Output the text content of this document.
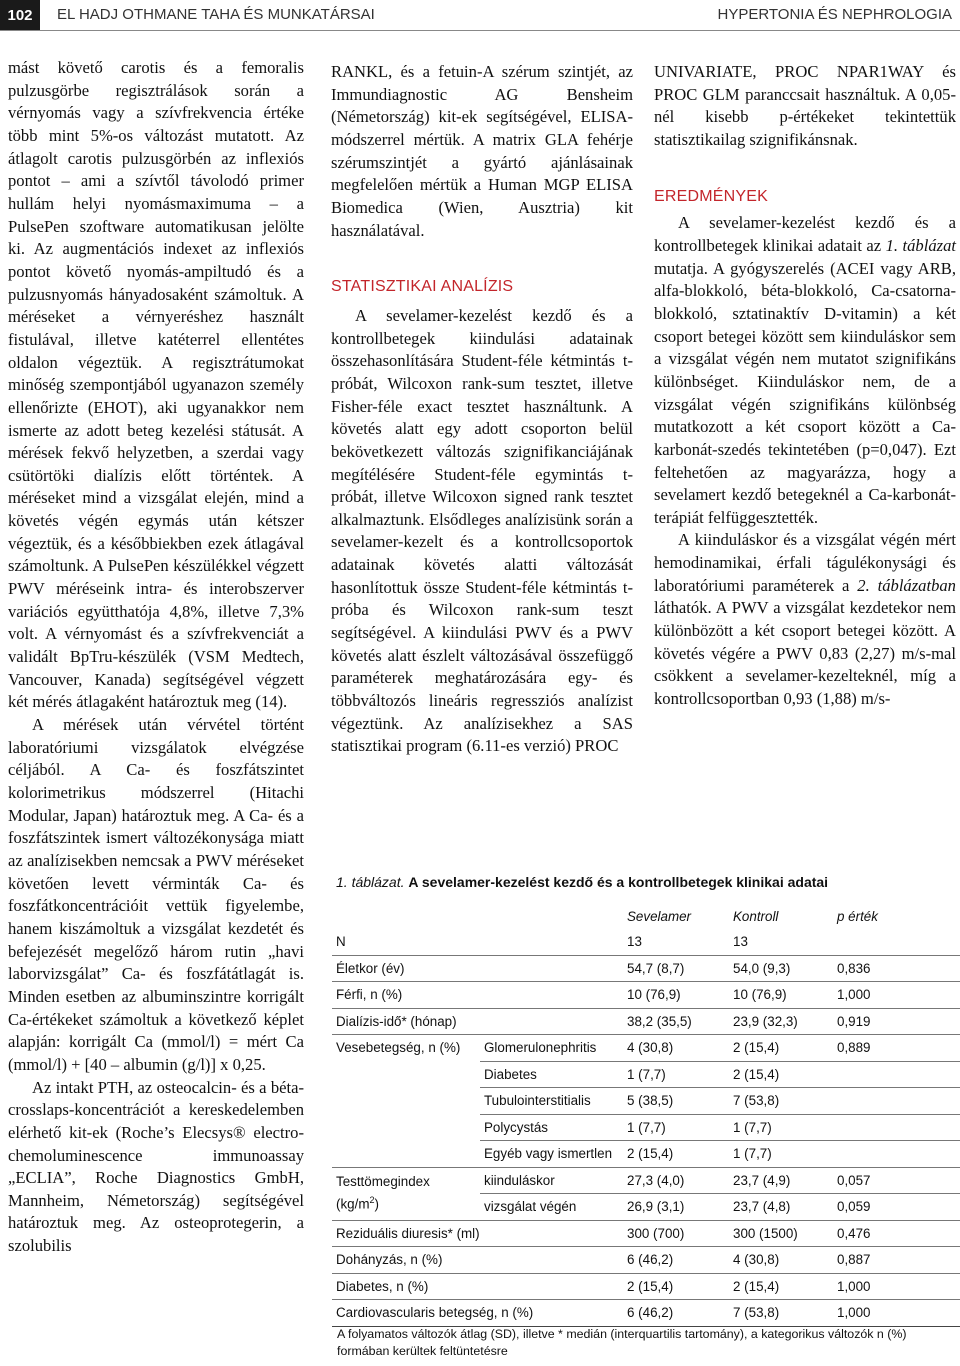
102	EL HADJ OTHMANE TAHA ÉS MUNKATÁRSAI	HYPERTONIA ÉS NEPHROLOGIA

mást követő carotis és a femoralis pulzusgörbe regisztrálások során a vérnyomás vagy a szívfrekvencia értéke több mint 5%-os változást mutatott. Az átlagolt carotis pulzusgörbén az inflexiós pontot – ami a szívtől távolodó primer hullám helyi nyomásmaximuma – a PulsePen szoftware automatikusan jelölte ki. Az augmentációs indexet az inflexiós pontot követő nyomás-ampiltudó és a pulzusnyomás hányadosaként számoltuk. A méréseket a vérnyeréshez használt fistulával, illetve katéterrel ellentétes oldalon végeztük. A regisztrátumokat minőség szempontjából ugyanazon személy ellenőrizte (EHOT), aki ugyanakkor nem ismerte az adott beteg kezelési státusát. A mérések fekvő helyzetben, a szerdai vagy csütörtöki dialízis előtt történtek. A méréseket mind a vizsgálat elején, mind a követés végén egymás után kétszer végeztük, és a későbbiekben ezek átlagával számoltunk. A PulsePen készülékkel végzett PWV méréseink intra- és interobszerver variációs együtthatója 4,8%, illetve 7,3% volt. A vérnyomást és a szívfrekvenciát a validált BpTru-készülék (VSM Medtech, Vancouver, Kanada) segítségével végzett két mérés átlagaként határoztuk meg (14).

A mérések után vérvétel történt laboratóriumi vizsgálatok elvégzése céljából. A Ca- és foszfátszintet kolorimetrikus módszerrel (Hitachi Modular, Japan) határoztuk meg. A Ca- és a foszfátszintek ismert változékonysága miatt az analízisekben nemcsak a PWV méréseket követően levett vérminták Ca- és foszfátkoncentrációit vettük figyelembe, hanem kiszámoltuk a vizsgálat kezdetét és befejezését megelőző három rutin „havi laborvizsgálat” Ca- és foszfátátlagát is. Minden esetben az albuminszintre korrigált Ca-értékeket számoltuk a következő képlet alapján: korrigált Ca (mmol/l) = mért Ca (mmol/l) + [40 – albumin (g/l)] x 0,25.

Az intakt PTH, az osteocalcin- és a béta-crosslaps-koncentrációt a kereskedelemben elérhető kit-ek (Roche’s Elecsys® electro-chemoluminescence immunoassay „ECLIA”, Roche Diagnostics GmbH, Mannheim, Németország) segítségével határoztuk meg. Az osteoprotegerin, a szolubilis

RANKL, és a fetuin-A szérum szintjét, az Immundiagnostic AG Bensheim (Németország) kit-ek segítségével, ELISA-módszerrel mértük. A matrix GLA fehérje szérumszintjét a gyártó ajánlásainak megfelelően mértük a Human MGP ELISA Biomedica (Wien, Ausztria) kit használatával.

STATISZTIKAI ANALÍZIS

A sevelamer-kezelést kezdő és a kontrollbetegek kiindulási adatainak összehasonlítására Student-féle kétmintás t-próbát, Wilcoxon rank-sum tesztet, illetve Fisher-féle exact tesztet használtunk. A követés alatt egy adott csoporton belül bekövetkezett változás szignifikanciájának megítélésére Student-féle egymintás t-próbát, illetve Wilcoxon signed rank tesztet alkalmaztunk. Elsődleges analízisünk során a sevelamer-kezelt és a kontrollcsoportok adatainak követés alatti változását hasonlítottuk össze Student-féle kétmintás t-próba és Wilcoxon rank-sum teszt segítségével. A kiindulási PWV és a PWV követés alatt észlelt változásával összefüggő paraméterek meghatározására egy- és többváltozós lineáris regressziós analízist végeztünk. Az analízisekhez a SAS statisztikai program (6.11-es verzió) PROC

UNIVARIATE, PROC NPAR1WAY és PROC GLM paranccsait használtuk. A 0,05-nél kisebb p-értékeket tekintettük statisztikailag szignifikánsnak.

EREDMÉNYEK

A sevelamer-kezelést kezdő és a kontrollbetegek klinikai adatait az 1. táblázat mutatja. A gyógyszerelés (ACEI vagy ARB, alfa-blokkoló, béta-blokkoló, Ca-csatorna-blokkoló, sztatinaktív D-vitamin) a két csoport betegei között sem kiinduláskor sem a vizsgálat végén nem mutatot szignifikáns különbséget. Kiinduláskor nem, de a vizsgálat végén szignifikáns különbség mutatkozott a két csoport között a Ca-karbonát-szedés tekintetében (p=0,047). Ezt feltehetően az magyarázza, hogy a sevelamert kezdő betegeknél a Ca-karbonát-terápiát felfüggesztették.

A kiinduláskor és a vizsgálat végén mért hemodinamikai, érfali tágulékonysági és laboratóriumi paraméterek a 2. táblázatban láthatók. A PWV a vizsgálat kezdetekor nem különbözött a két csoport betegei között. A követés végére a PWV 0,83 (2,27) m/s-mal csökkent a sevelamer-kezelteknél, míg a kontrollcsoportban 0,93 (1,88) m/s-

1. táblázat. A sevelamer-kezelést kezdő és a kontrollbetegek klinikai adatai
		Sevelamer	Kontroll	p érték
N		13	13	
Életkor (év)		54,7 (8,7)	54,0 (9,3)	0,836
Férfi, n (%)		10 (76,9)	10 (76,9)	1,000
Dialízis-idő* (hónap)		38,2 (35,5)	23,9 (32,3)	0,919
Vesebetegség, n (%)	Glomerulonephritis	4 (30,8)	2 (15,4)	0,889
	Diabetes	1 (7,7)	2 (15,4)	
	Tubulointerstitialis	5 (38,5)	7 (53,8)	
	Polycystás	1 (7,7)	1 (7,7)	
	Egyéb vagy ismertlen	2 (15,4)	1 (7,7)	
Testtömegindex
$(kg/m^2)$	kiinduláskor	27,3 (4,0)	23,7 (4,9)	0,057
	vizsgálat végén	26,9 (3,1)	23,7 (4,8)	0,059
Reziduális diuresis* (ml)		300 (700)	300 (1500)	0,476
Dohányzás, n (%)		6 (46,2)	4 (30,8)	0,887
Diabetes, n (%)		2 (15,4)	2 (15,4)	1,000
Cardiovascularis betegség, n (%)		6 (46,2)	7 (53,8)	1,000
A folyamatos változók átlag (SD), illetve * medián (interquartilis tartomány), a kategorikus változók n (%) formában kerültek feltüntetésre
